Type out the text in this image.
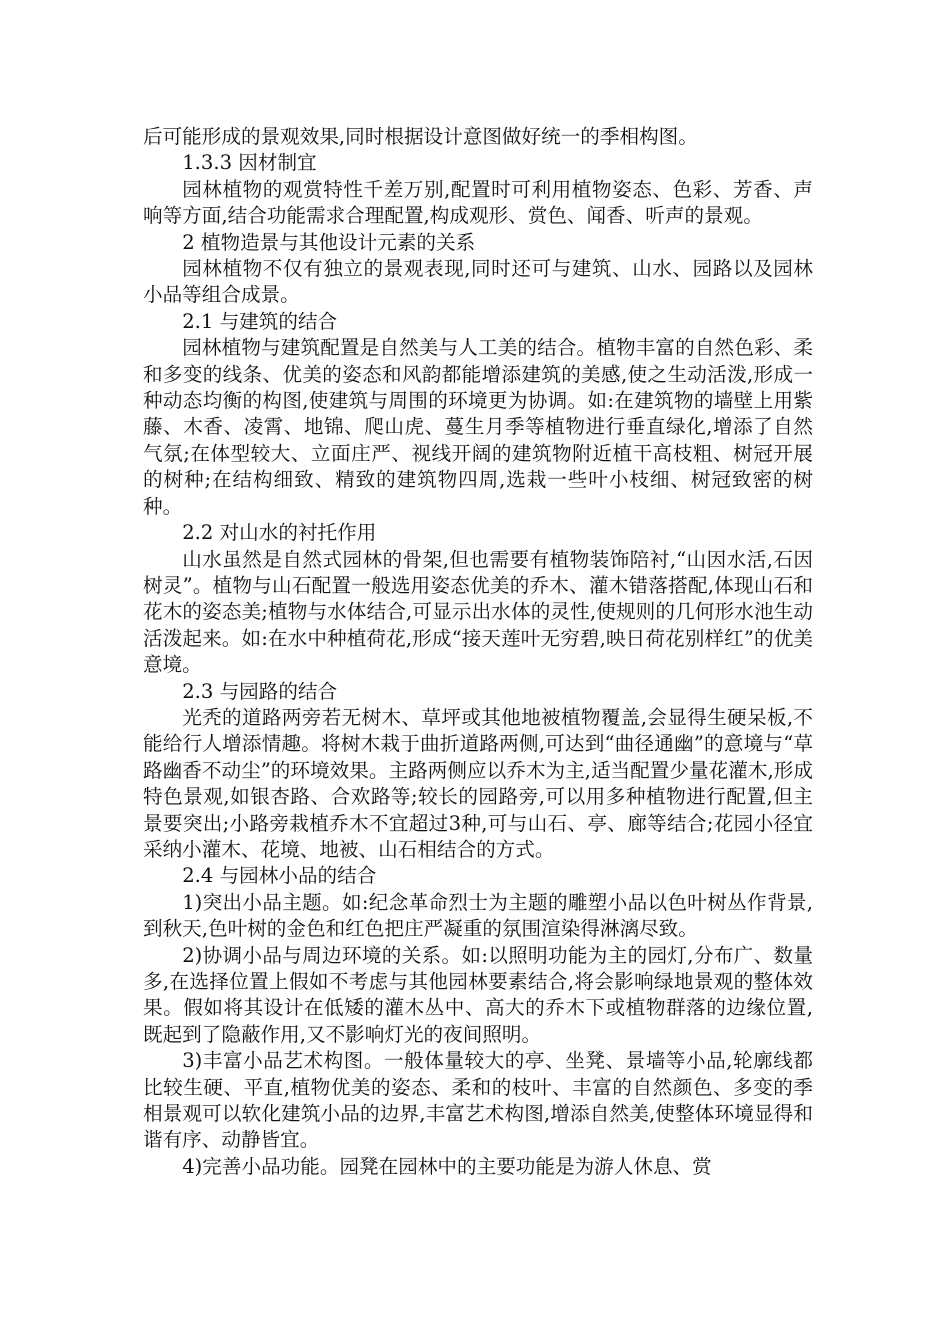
后可能形成的景观效果,同时根据设计意图做好统一的季相构图。

1.3.3 因材制宜

园林植物的观赏特性千差万别,配置时可利用植物姿态、色彩、芳香、声响等方面,结合功能需求合理配置,构成观形、赏色、闻香、听声的景观。

2 植物造景与其他设计元素的关系

园林植物不仅有独立的景观表现,同时还可与建筑、山水、园路以及园林小品等组合成景。

2.1 与建筑的结合

园林植物与建筑配置是自然美与人工美的结合。植物丰富的自然色彩、柔和多变的线条、优美的姿态和风韵都能增添建筑的美感,使之生动活泼,形成一种动态均衡的构图,使建筑与周围的环境更为协调。如:在建筑物的墙壁上用紫藤、木香、凌霄、地锦、爬山虎、蔓生月季等植物进行垂直绿化,增添了自然气氛;在体型较大、立面庄严、视线开阔的建筑物附近植干高枝粗、树冠开展的树种;在结构细致、精致的建筑物四周,选栽一些叶小枝细、树冠致密的树种。

2.2 对山水的衬托作用

山水虽然是自然式园林的骨架,但也需要有植物装饰陪衬,“山因水活,石因树灵”。植物与山石配置一般选用姿态优美的乔木、灌木错落搭配,体现山石和花木的姿态美;植物与水体结合,可显示出水体的灵性,使规则的几何形水池生动活泼起来。如:在水中种植荷花,形成“接天莲叶无穷碧,映日荷花别样红”的优美意境。

2.3 与园路的结合

光秃的道路两旁若无树木、草坪或其他地被植物覆盖,会显得生硬呆板,不能给行人增添情趣。将树木栽于曲折道路两侧,可达到“曲径通幽”的意境与“草路幽香不动尘”的环境效果。主路两侧应以乔木为主,适当配置少量花灌木,形成特色景观,如银杏路、合欢路等;较长的园路旁,可以用多种植物进行配置,但主景要突出;小路旁栽植乔木不宜超过3种,可与山石、亭、廊等结合;花园小径宜采纳小灌木、花境、地被、山石相结合的方式。

2.4 与园林小品的结合

1)突出小品主题。如:纪念革命烈士为主题的雕塑小品以色叶树丛作背景,到秋天,色叶树的金色和红色把庄严凝重的氛围渲染得淋漓尽致。

2)协调小品与周边环境的关系。如:以照明功能为主的园灯,分布广、数量多,在选择位置上假如不考虑与其他园林要素结合,将会影响绿地景观的整体效果。假如将其设计在低矮的灌木丛中、高大的乔木下或植物群落的边缘位置,既起到了隐蔽作用,又不影响灯光的夜间照明。

3)丰富小品艺术构图。一般体量较大的亭、坐凳、景墙等小品,轮廓线都比较生硬、平直,植物优美的姿态、柔和的枝叶、丰富的自然颜色、多变的季相景观可以软化建筑小品的边界,丰富艺术构图,增添自然美,使整体环境显得和谐有序、动静皆宜。

4)完善小品功能。园凳在园林中的主要功能是为游人休息、赏
